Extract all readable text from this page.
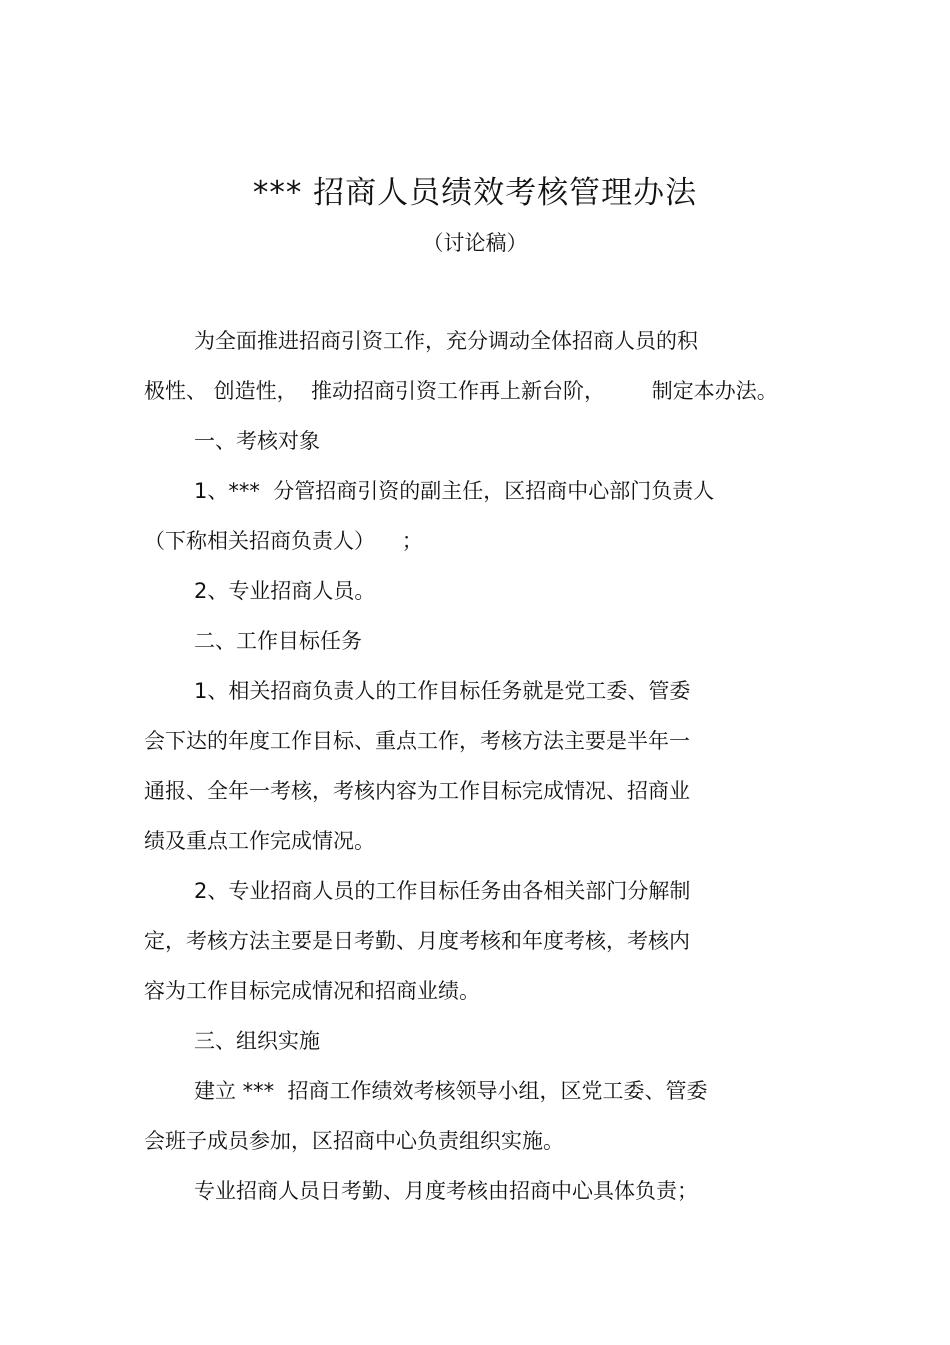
*** 招商人员绩效考核管理办法
（讨论稿）
为全面推进招商引资工作，充分调动全体招商人员的积
极性、 创造性，  推动招商引资工作再上新台阶，       制定本办法。
一、考核对象
1、***  分管招商引资的副主任，区招商中心部门负责人
（下称相关招商负责人）    ；
2、专业招商人员。
二、工作目标任务
1、相关招商负责人的工作目标任务就是党工委、管委
会下达的年度工作目标、重点工作，考核方法主要是半年一
通报、全年一考核，考核内容为工作目标完成情况、招商业
绩及重点工作完成情况。
2、专业招商人员的工作目标任务由各相关部门分解制
定，考核方法主要是日考勤、月度考核和年度考核，考核内
容为工作目标完成情况和招商业绩。
三、组织实施
建立 ***  招商工作绩效考核领导小组，区党工委、管委
会班子成员参加，区招商中心负责组织实施。
专业招商人员日考勤、月度考核由招商中心具体负责；
